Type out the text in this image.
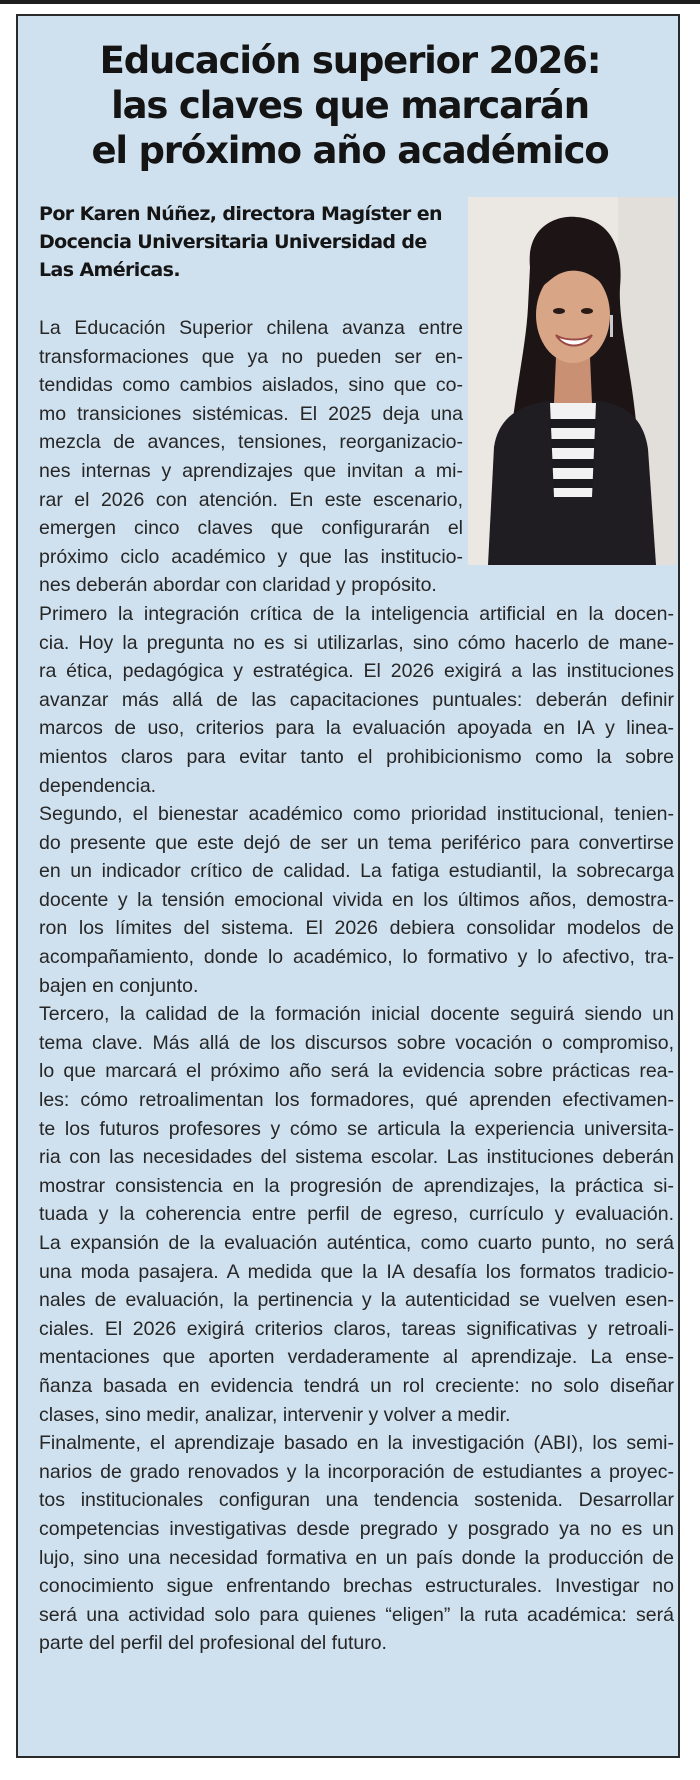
Educación superior 2026:
las claves que marcarán
el próximo año académico

Por Karen Núñez, directora Magíster en
Docencia Universitaria Universidad de
Las Américas.

La Educación Superior chilena avanza entre
transformaciones que ya no pueden ser en-
tendidas como cambios aislados, sino que co-
mo transiciones sistémicas. El 2025 deja una
mezcla de avances, tensiones, reorganizacio-
nes internas y aprendizajes que invitan a mi-
rar el 2026 con atención. En este escenario,
emergen cinco claves que configurarán el
próximo ciclo académico y que las institucio-
nes deberán abordar con claridad y propósito.
Primero la integración crítica de la inteligencia artificial en la docen-
cia. Hoy la pregunta no es si utilizarlas, sino cómo hacerlo de mane-
ra ética, pedagógica y estratégica. El 2026 exigirá a las instituciones
avanzar más allá de las capacitaciones puntuales: deberán definir
marcos de uso, criterios para la evaluación apoyada en IA y linea-
mientos claros para evitar tanto el prohibicionismo como la sobre
dependencia.
Segundo, el bienestar académico como prioridad institucional, tenien-
do presente que este dejó de ser un tema periférico para convertirse
en un indicador crítico de calidad. La fatiga estudiantil, la sobrecarga
docente y la tensión emocional vivida en los últimos años, demostra-
ron los límites del sistema. El 2026 debiera consolidar modelos de
acompañamiento, donde lo académico, lo formativo y lo afectivo, tra-
bajen en conjunto.
Tercero, la calidad de la formación inicial docente seguirá siendo un
tema clave. Más allá de los discursos sobre vocación o compromiso,
lo que marcará el próximo año será la evidencia sobre prácticas rea-
les: cómo retroalimentan los formadores, qué aprenden efectivamen-
te los futuros profesores y cómo se articula la experiencia universita-
ria con las necesidades del sistema escolar. Las instituciones deberán
mostrar consistencia en la progresión de aprendizajes, la práctica si-
tuada y la coherencia entre perfil de egreso, currículo y evaluación.
La expansión de la evaluación auténtica, como cuarto punto, no será
una moda pasajera. A medida que la IA desafía los formatos tradicio-
nales de evaluación, la pertinencia y la autenticidad se vuelven esen-
ciales. El 2026 exigirá criterios claros, tareas significativas y retroali-
mentaciones que aporten verdaderamente al aprendizaje. La ense-
ñanza basada en evidencia tendrá un rol creciente: no solo diseñar
clases, sino medir, analizar, intervenir y volver a medir.
Finalmente, el aprendizaje basado en la investigación (ABI), los semi-
narios de grado renovados y la incorporación de estudiantes a proyec-
tos institucionales configuran una tendencia sostenida. Desarrollar
competencias investigativas desde pregrado y posgrado ya no es un
lujo, sino una necesidad formativa en un país donde la producción de
conocimiento sigue enfrentando brechas estructurales. Investigar no
será una actividad solo para quienes “eligen” la ruta académica: será
parte del perfil del profesional del futuro.
